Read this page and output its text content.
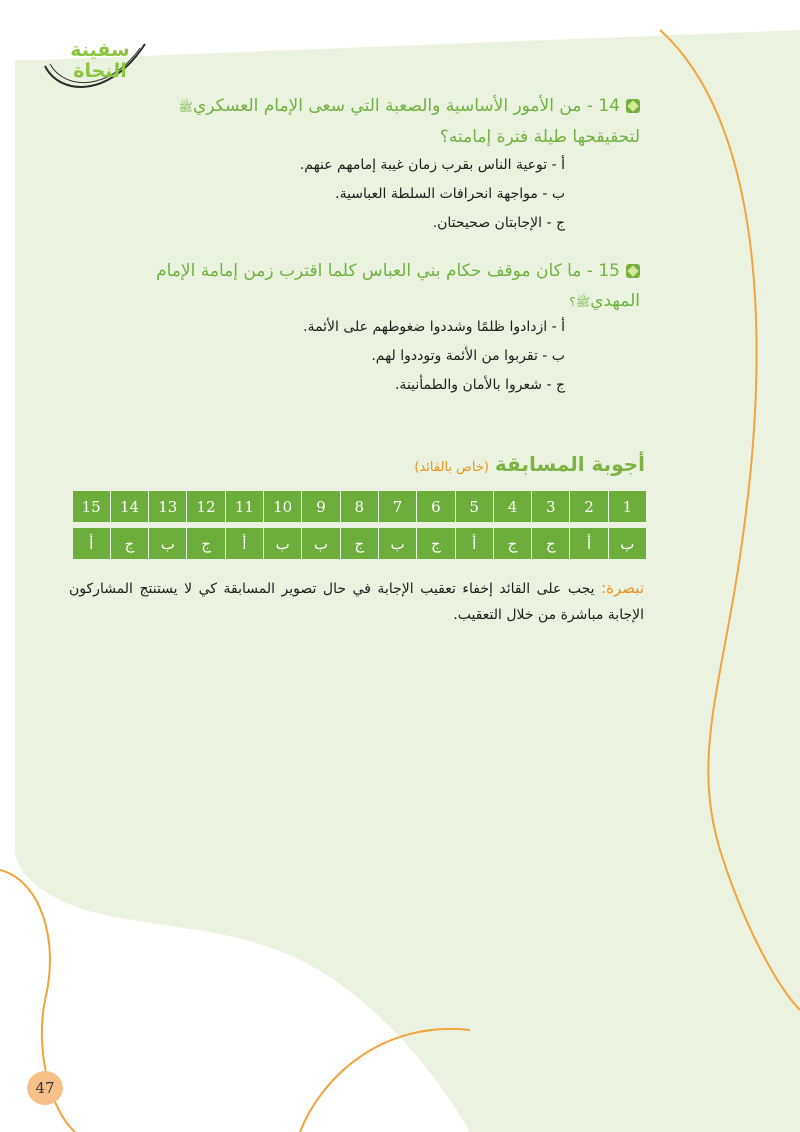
سفينة النجاة
14 - من الأمور الأساسية والصعبة التي سعى الإمام العسكريﷺ
لتحقيقحها طيلة فترة إمامته؟
أ - توعية الناس بقرب زمان غيبة إمامهم عنهم.
ب - مواجهة انحرافات السلطة العباسية.
ج - الإجابتان صحيحتان.
15 - ما كان موقف حكام بني العباس كلما اقترب زمن إمامة الإمام
المهديﷺ؟
أ - ازدادوا ظلمًا وشددوا ضغوطهم على الأئمة.
ب - تقربوا من الأئمة وتوددوا لهم.
ج - شعروا بالأمان والطمأنينة.
أجوبة المسابقة(خاص بالقائد)
1
2
3
4
5
6
7
8
9
10
11
12
13
14
15
ب
أ
ج
ج
أ
ج
ب
ج
ب
ب
أ
ج
ب
ج
أ
تبصرة: يجب على القائد إخفاء تعقيب الإجابة في حال تصوير المسابقة كي لا يستنتج المشاركون الإجابة مباشرة من خلال التعقيب.
47
